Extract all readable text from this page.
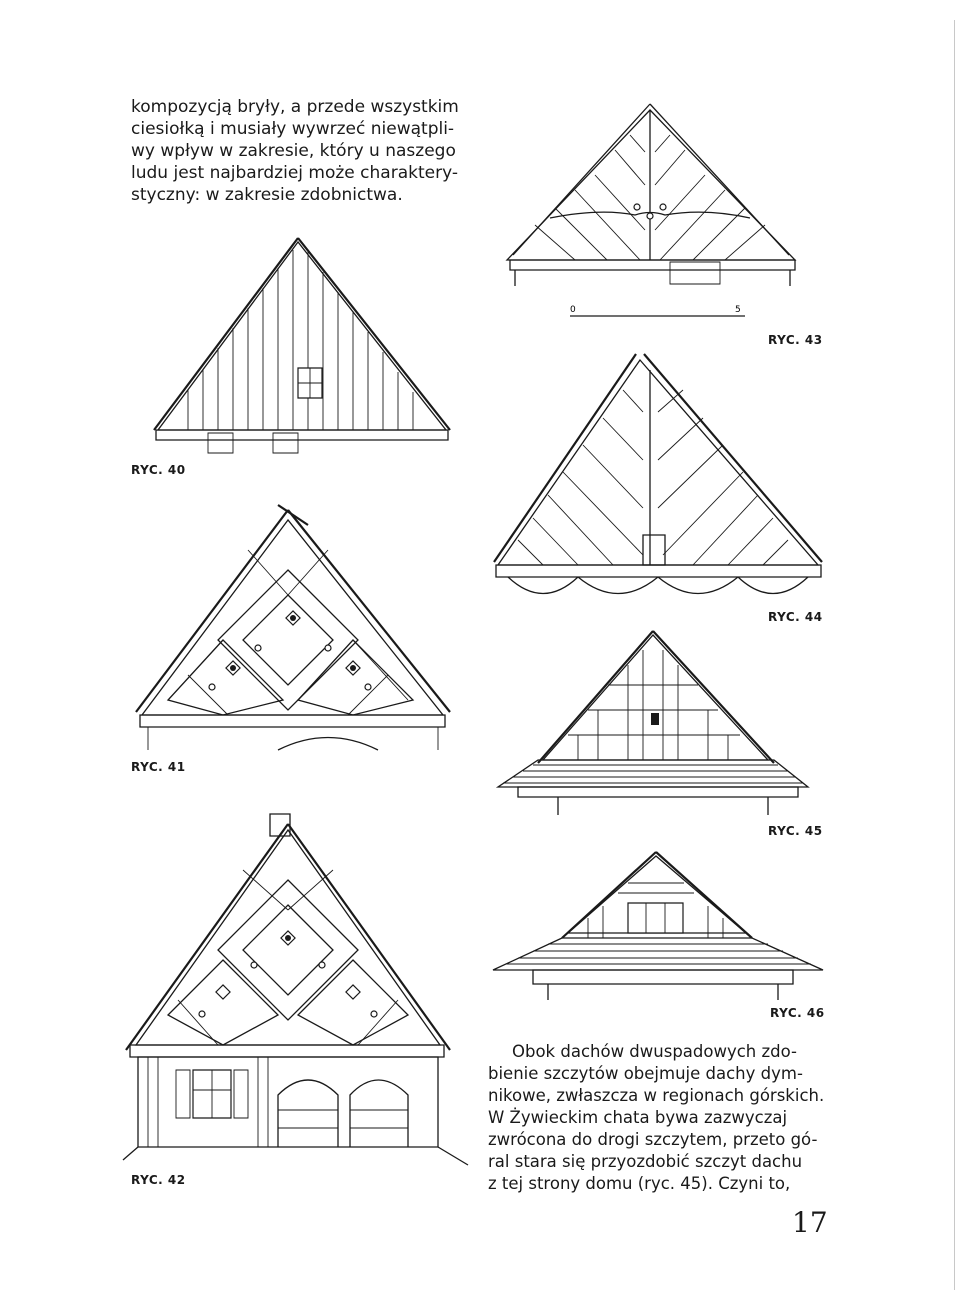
kompozycją bryły, a przede wszystkim
ciesiołką i musiały wywrzeć niewątpli-
wy wpływ w zakresie, który u naszego
ludu jest najbardziej może charaktery-
styczny: w zakresie zdobnictwa.
0	5
RYC. 43
RYC. 40
RYC. 44
RYC. 41
RYC. 45
RYC. 42
RYC. 46
Obok dachów dwuspadowych zdo-
bienie szczytów obejmuje dachy dym-
nikowe, zwłaszcza w regionach górskich.
W Żywieckim chata bywa zazwyczaj
zwrócona do drogi szczytem, przeto gó-
ral stara się przyozdobić szczyt dachu
z tej strony domu (ryc. 45). Czyni to,
17
